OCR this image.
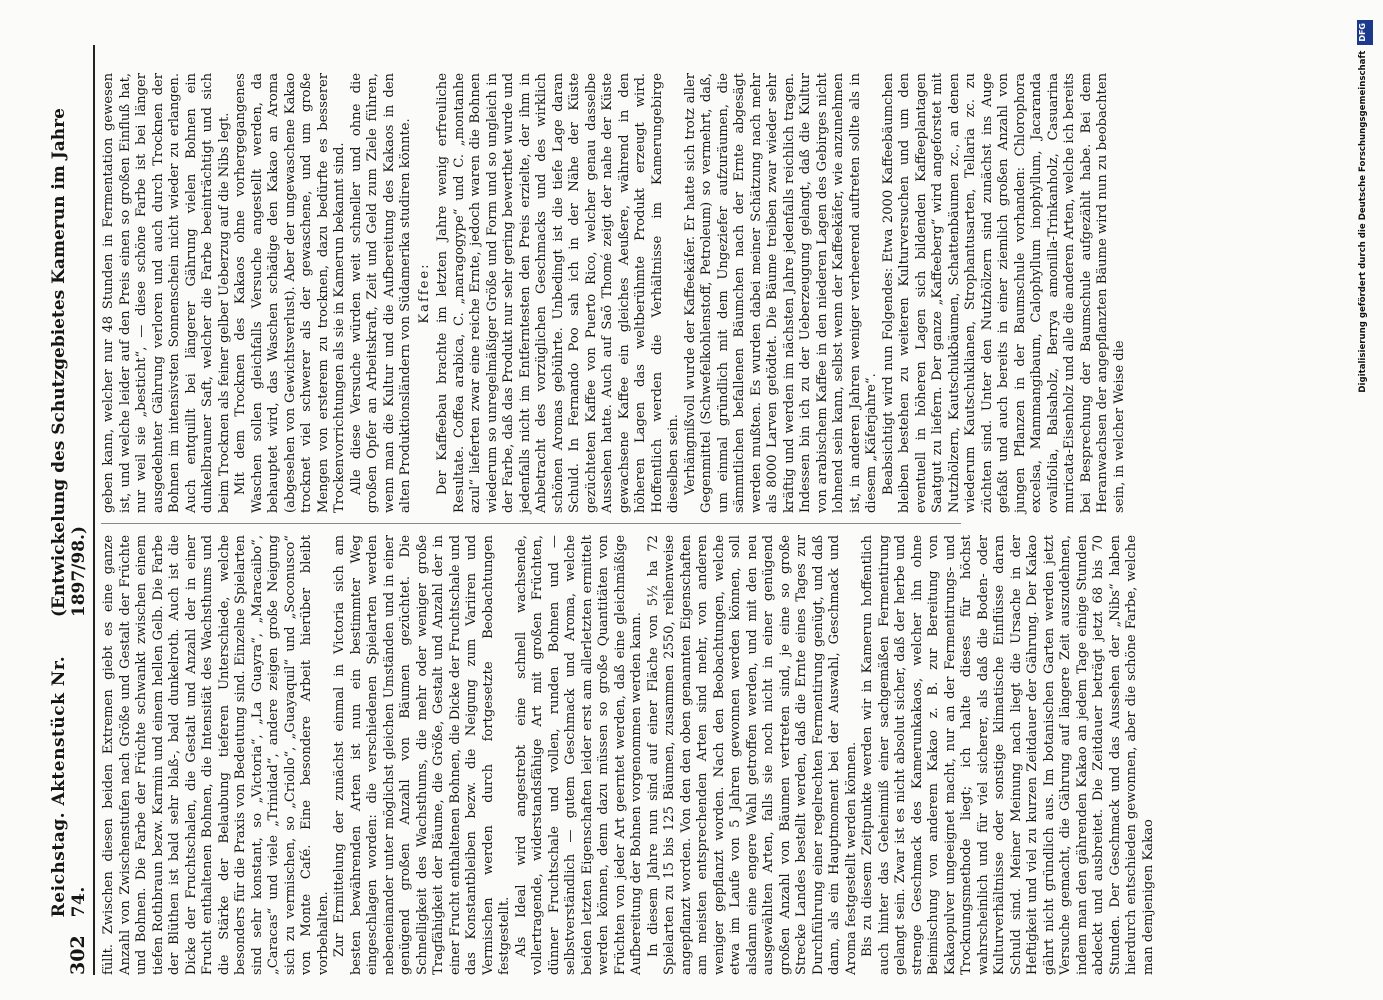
302
Reichstag. Aktenstück Nr. 74.
(Entwickelung des Schutzgebietes Kamerun im Jahre 1897/98.) füllt. Zwischen diesen beiden Extremen giebt es eine ganze Anzahl von Zwischenstufen nach Größe und Gestalt der Früchte und Bohnen. Die Farbe der Früchte schwankt zwischen einem tiefen Rothbraun bezw. Karmin und einem hellen Gelb. Die Farbe der Blüthen ist bald sehr blaß-, bald dunkelroth. Auch ist die Dicke der Fruchtschalen, die Gestalt und Anzahl der in einer Frucht enthaltenen Bohnen, die Intensität des Wachsthums und die Stärke der Belaubung tieferen Unterschiede, welche besonders für die Praxis von Bedeutung sind. Einzelne Spielarten sind sehr konstant, so „Victoria“, „La Guayra“, „Maracaibo“, „Caracas“ und viele „Trinidad“, andere zeigen große Neigung sich zu vermischen, so „Criollo“, „Guayaquil“ und „Soconusco“ von Monte Café. Eine besondere Arbeit hierüber bleibt vorbehalten. Zur Ermittelung der zunächst einmal in Victoria sich am besten bewährenden Arten ist nun ein bestimmter Weg eingeschlagen worden: die verschiedenen Spielarten werden nebeneinander unter möglichst gleichen Umständen und in einer genügend großen Anzahl von Bäumen gezüchtet. Die Schnelligkeit des Wachsthums, die mehr oder weniger große Tragfähigkeit der Bäume, die Größe, Gestalt und Anzahl der in einer Frucht enthaltenen Bohnen, die Dicke der Fruchtschale und das Konstantbleiben bezw. die Neigung zum Variiren und Vermischen werden durch fortgesetzte Beobachtungen festgestellt. Als Ideal wird angestrebt eine schnell wachsende, vollertragende, widerstandsfähige Art mit großen Früchten, dünner Fruchtschale und vollen, runden Bohnen und — selbstverständlich — gutem Geschmack und Aroma, welche beiden letzten Eigenschaften leider erst am allerletzten ermittelt werden können, denn dazu müssen so große Quantitäten von Früchten von jeder Art geerntet werden, daß eine gleichmäßige Aufbereitung der Bohnen vorgenommen werden kann. In diesem Jahre nun sind auf einer Fläche von 5½ ha 72 Spielarten zu 15 bis 125 Bäumen, zusammen 2550, reihenweise angepflanzt worden. Von den den oben genannten Eigenschaften am meisten entsprechenden Arten sind mehr, von anderen weniger gepflanzt worden. Nach den Beobachtungen, welche etwa im Laufe von 5 Jahren gewonnen werden können, soll alsdann eine engere Wahl getroffen werden, und mit den neu ausgewählten Arten, falls sie noch nicht in einer genügend großen Anzahl von Bäumen vertreten sind, je eine so große Strecke Landes bestellt werden, daß die Ernte eines Tages zur Durchführung einer regelrechten Fermentirung genügt, und daß dann, als ein Hauptmoment bei der Auswahl, Geschmack und Aroma festgestellt werden können. Bis zu diesem Zeitpunkte werden wir in Kamerun hoffentlich auch hinter das Geheimniß einer sachgemäßen Fermentirung gelangt sein. Zwar ist es nicht absolut sicher, daß der herbe und strenge Geschmack des Kamerunkakaos, welcher ihn ohne Beimischung von anderem Kakao z. B. zur Bereitung von Kakaopulver ungeeignet macht, nur an der Fermentirungs- und Trocknungsmethode liegt; ich halte dieses für höchst wahrscheinlich und für viel sicherer, als daß die Boden- oder Kulturverhältnisse oder sonstige klimatische Einflüsse daran Schuld sind. Meiner Meinung nach liegt die Ursache in der Heftigkeit und viel zu kurzen Zeitdauer der Gährung. Der Kakao gährt nicht gründlich aus. Im botanischen Garten werden jetzt Versuche gemacht, die Gährung auf längere Zeit auszudehnen, indem man den gährenden Kakao an jedem Tage einige Stunden abdeckt und ausbreitet. Die Zeitdauer beträgt jetzt 68 bis 70 Stunden. Der Geschmack und das Aussehen der „Nibs“ haben hierdurch entschieden gewonnen, aber die schöne Farbe, welche man demjenigen Kakao

geben kann, welcher nur 48 Stunden in Fermentation gewesen ist, und welche leider auf den Preis einen so großen Einfluß hat, nur weil sie „besticht“, — diese schöne Farbe ist bei länger ausgedehnter Gährung verloren und auch durch Trocknen der Bohnen im intensivsten Sonnenschein nicht wieder zu erlangen. Auch entquillt bei längerer Gährung vielen Bohnen ein dunkelbrauner Saft, welcher die Farbe beeinträchtigt und sich beim Trocknen als feiner gelber Ueberzug auf die Nibs legt. Mit dem Trocknen des Kakaos ohne vorhergegangenes Waschen sollen gleichfalls Versuche angestellt werden, da behauptet wird, das Waschen schädige den Kakao an Aroma (abgesehen von Gewichtsverlust). Aber der ungewaschene Kakao trocknet viel schwerer als der gewaschene, und um große Mengen von ersterem zu trocknen, dazu bedürfte es besserer Trockenvorrichtungen als sie in Kamerun bekannt sind. Alle diese Versuche würden weit schneller und ohne die großen Opfer an Arbeitskraft, Zeit und Geld zum Ziele führen, wenn man die Kultur und die Aufbereitung des Kakaos in den alten Produktionsländern von Südamerika studiren könnte. Kaffee: Der Kaffeebau brachte im letzten Jahre wenig erfreuliche Resultate. Coffea arabica, C. „maragogype“ und C. „montanhe azul“ lieferten zwar eine reiche Ernte, jedoch waren die Bohnen wiederum so unregelmäßiger Größe und Form und so ungleich in der Farbe, daß das Produkt nur sehr gering bewerthet wurde und jedenfalls nicht im Entferntesten den Preis erzielte, der ihm in Anbetracht des vorzüglichen Geschmacks und des wirklich schönen Aromas gebührte. Unbedingt ist die tiefe Lage daran Schuld. In Fernando Poo sah ich in der Nähe der Küste gezüchteten Kaffee von Puerto Rico, welcher genau dasselbe Aussehen hatte. Auch auf Saõ Thomé zeigt der nahe der Küste gewachsene Kaffee ein gleiches Aeußere, während in den höheren Lagen das weltberühmte Produkt erzeugt wird. Hoffentlich werden die Verhältnisse im Kamerungebirge dieselben sein. Verhängnißvoll wurde der Kaffeekäfer. Er hatte sich trotz aller Gegenmittel (Schwefelkohlenstoff, Petroleum) so vermehrt, daß, um einmal gründlich mit dem Ungeziefer aufzuräumen, die sämmtlichen befallenen Bäumchen nach der Ernte abgesägt werden mußten. Es wurden dabei meiner Schätzung nach mehr als 8000 Larven getödtet. Die Bäume treiben zwar wieder sehr kräftig und werden im nächsten Jahre jedenfalls reichlich tragen. Indessen bin ich zu der Ueberzeugung gelangt, daß die Kultur von arabischem Kaffee in den niederen Lagen des Gebirges nicht lohnend sein kann, selbst wenn der Kaffeekäfer, wie anzunehmen ist, in anderen Jahren weniger verheerend auftreten sollte als in diesem „Käferjahre“. Beabsichtigt wird nun Folgendes: Etwa 2000 Kaffeebäumchen bleiben bestehen zu weiteren Kulturversuchen und um den eventuell in höheren Lagen sich bildenden Kaffeeplantagen Saatgut zu liefern. Der ganze „Kaffeeberg“ wird angeforstet mit Nutzhölzern, Kautschukbäumen, Schattenbäumen zc., an denen wiederum Kautschuklianen, Strophantusarten, Tellaria zc. zu züchten sind. Unter den Nutzhölzern sind zunächst ins Auge gefaßt und auch bereits in einer ziemlich großen Anzahl von jungen Pflanzen in der Baumschule vorhanden: Chlorophora excelsa, Mammangibaum, Calophyllum inophyllum, Jacaranda ovalifolia, Balsaholz, Berrya amonilla-Trinkanholz, Casuarina muricata-Eisenholz und alle die anderen Arten, welche ich bereits bei Besprechung der Baumschule aufgezählt habe. Bei dem Heranwachsen der angepflanzten Bäume wird nun zu beobachten sein, in welcher Weise die

Digitalisierung gefördert durch die Deutsche Forschungsgemeinschaft
DFG
